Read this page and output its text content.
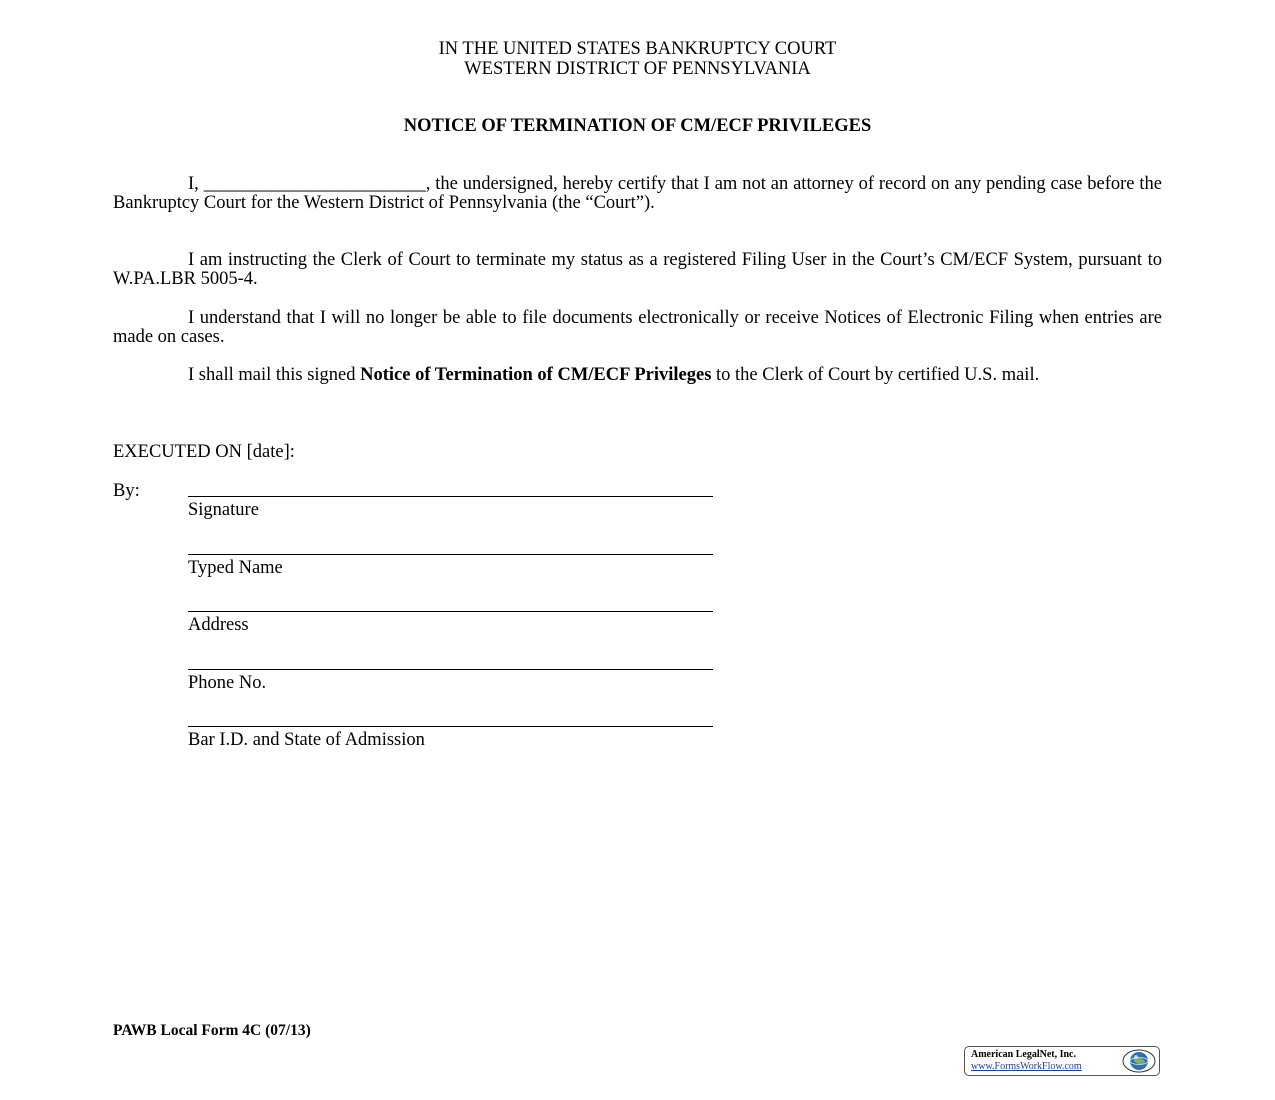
IN THE UNITED STATES BANKRUPTCY COURT
WESTERN DISTRICT OF PENNSYLVANIA
NOTICE OF TERMINATION OF CM/ECF PRIVILEGES
I, ________________________, the undersigned, hereby certify that I am not an attorney of record on any pending case before the Bankruptcy Court for the Western District of Pennsylvania (the “Court”).
I am instructing the Clerk of Court to terminate my status as a registered Filing User in the Court’s CM/ECF System, pursuant to W.PA.LBR 5005-4.
I understand that I will no longer be able to file documents electronically or receive Notices of Electronic Filing when entries are made on cases.
I shall mail this signed Notice of Termination of CM/ECF Privileges to the Clerk of Court by certified U.S. mail.
EXECUTED ON [date]:
By:
Signature
Typed Name
Address
Phone No.
Bar I.D. and State of Admission
PAWB Local Form 4C (07/13)
American LegalNet, Inc.
www.FormsWorkFlow.com
